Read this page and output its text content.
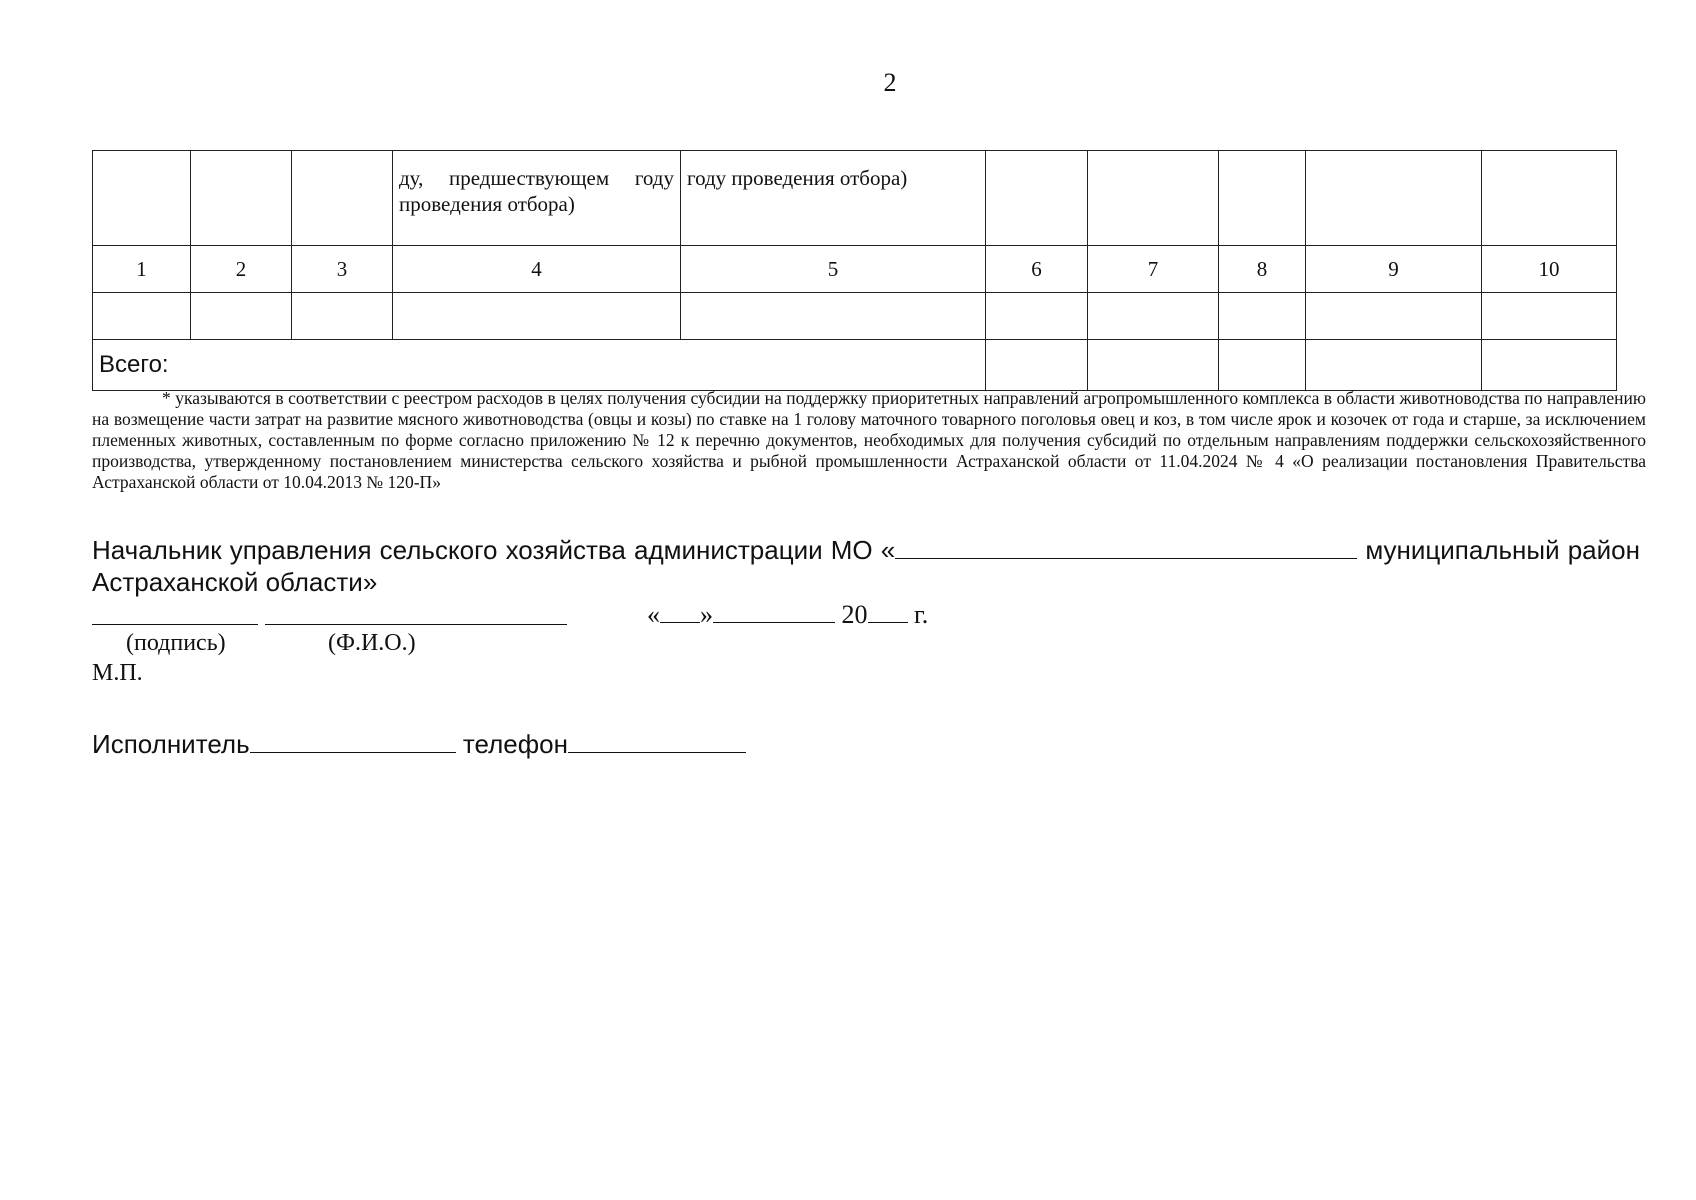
2
			ду, предшествующем году проведения отбора)	году проведения отбора)					
1	2	3	4	5	6	7	8	9	10

Всего:									
* указываются в соответствии с реестром расходов в целях получения субсидии на поддержку приоритетных направлений агропромышленного комплекса в области животноводства по направлению на возмещение части затрат на развитие мясного животноводства (овцы и козы) по ставке на 1 голову маточного товарного поголовья овец и коз, в том числе ярок и козочек от года и старше, за исключением племенных животных, составленным по форме согласно приложению № 12 к перечню документов, необходимых для получения субсидий по отдельным направлениям поддержки сельскохозяйственного производства, утвержденному постановлением министерства сельского хозяйства и рыбной промышленности Астраханской области от 11.04.2024 № 4 «О реализации постановления Правительства Астраханской области от 10.04.2013 № 120-П»
Начальник управления сельского хозяйства администрации МО «	муниципальный район
Астраханской области»
« »	20 г.
(подпись)	(Ф.И.О.)
М.П.
Исполнитель	телефон
